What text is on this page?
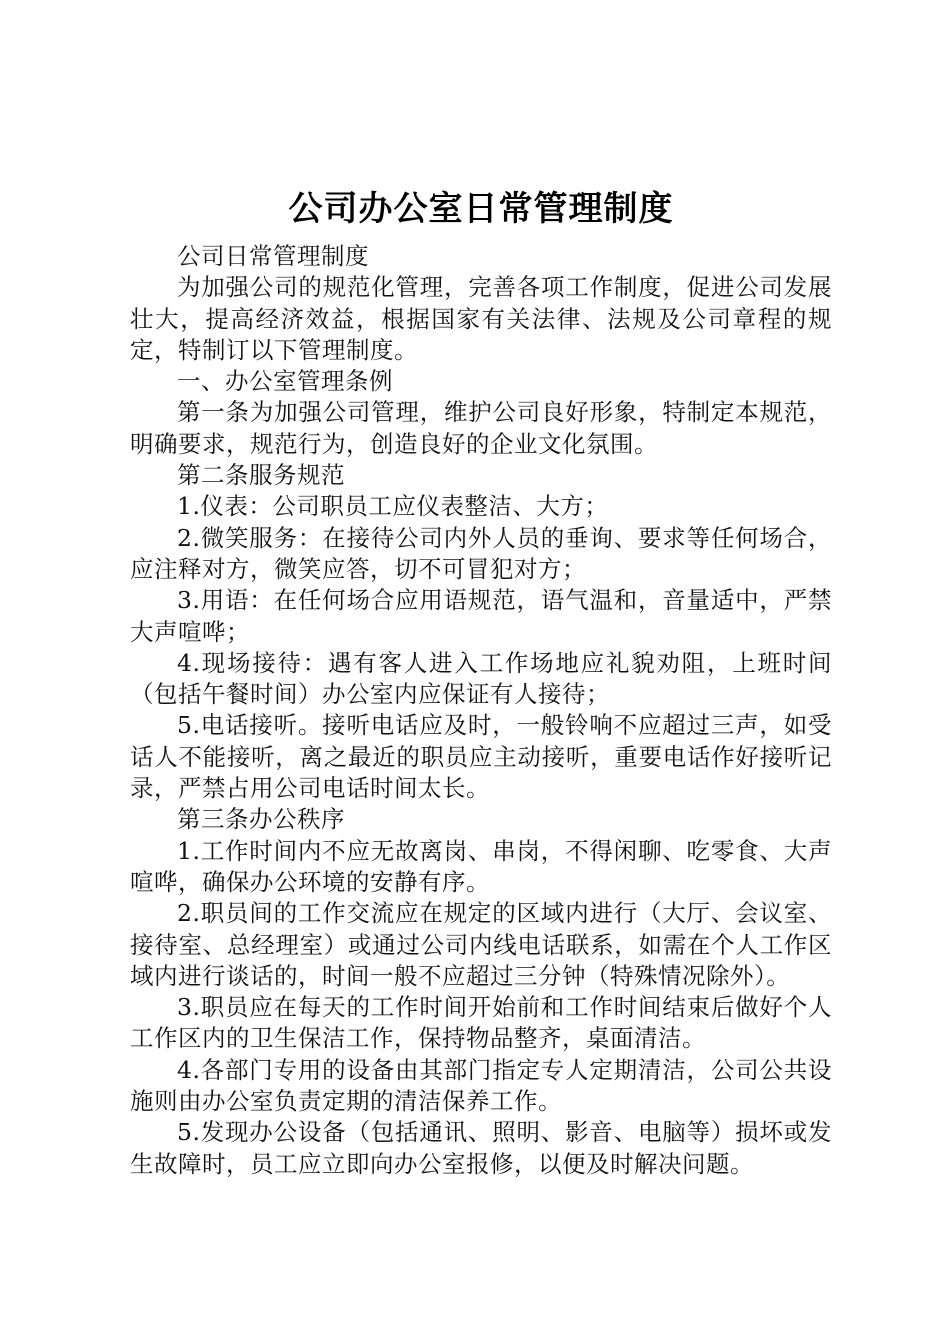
公司办公室日常管理制度

公司日常管理制度

为加强公司的规范化管理，完善各项工作制度，促进公司发展壮大，提高经济效益，根据国家有关法律、法规及公司章程的规定，特制订以下管理制度。

一、办公室管理条例

第一条为加强公司管理，维护公司良好形象，特制定本规范，明确要求，规范行为，创造良好的企业文化氛围。

第二条服务规范

1.仪表：公司职员工应仪表整洁、大方；

2.微笑服务：在接待公司内外人员的垂询、要求等任何场合，应注释对方，微笑应答，切不可冒犯对方；

3.用语：在任何场合应用语规范，语气温和，音量适中，严禁大声喧哗；

4.现场接待：遇有客人进入工作场地应礼貌劝阻，上班时间（包括午餐时间）办公室内应保证有人接待；

5.电话接听。接听电话应及时，一般铃响不应超过三声，如受话人不能接听，离之最近的职员应主动接听，重要电话作好接听记录，严禁占用公司电话时间太长。

第三条办公秩序

1.工作时间内不应无故离岗、串岗，不得闲聊、吃零食、大声喧哗，确保办公环境的安静有序。

2.职员间的工作交流应在规定的区域内进行（大厅、会议室、接待室、总经理室）或通过公司内线电话联系，如需在个人工作区域内进行谈话的，时间一般不应超过三分钟（特殊情况除外）。

3.职员应在每天的工作时间开始前和工作时间结束后做好个人工作区内的卫生保洁工作，保持物品整齐，桌面清洁。

4.各部门专用的设备由其部门指定专人定期清洁，公司公共设施则由办公室负责定期的清洁保养工作。

5.发现办公设备（包括通讯、照明、影音、电脑等）损坏或发生故障时，员工应立即向办公室报修，以便及时解决问题。
